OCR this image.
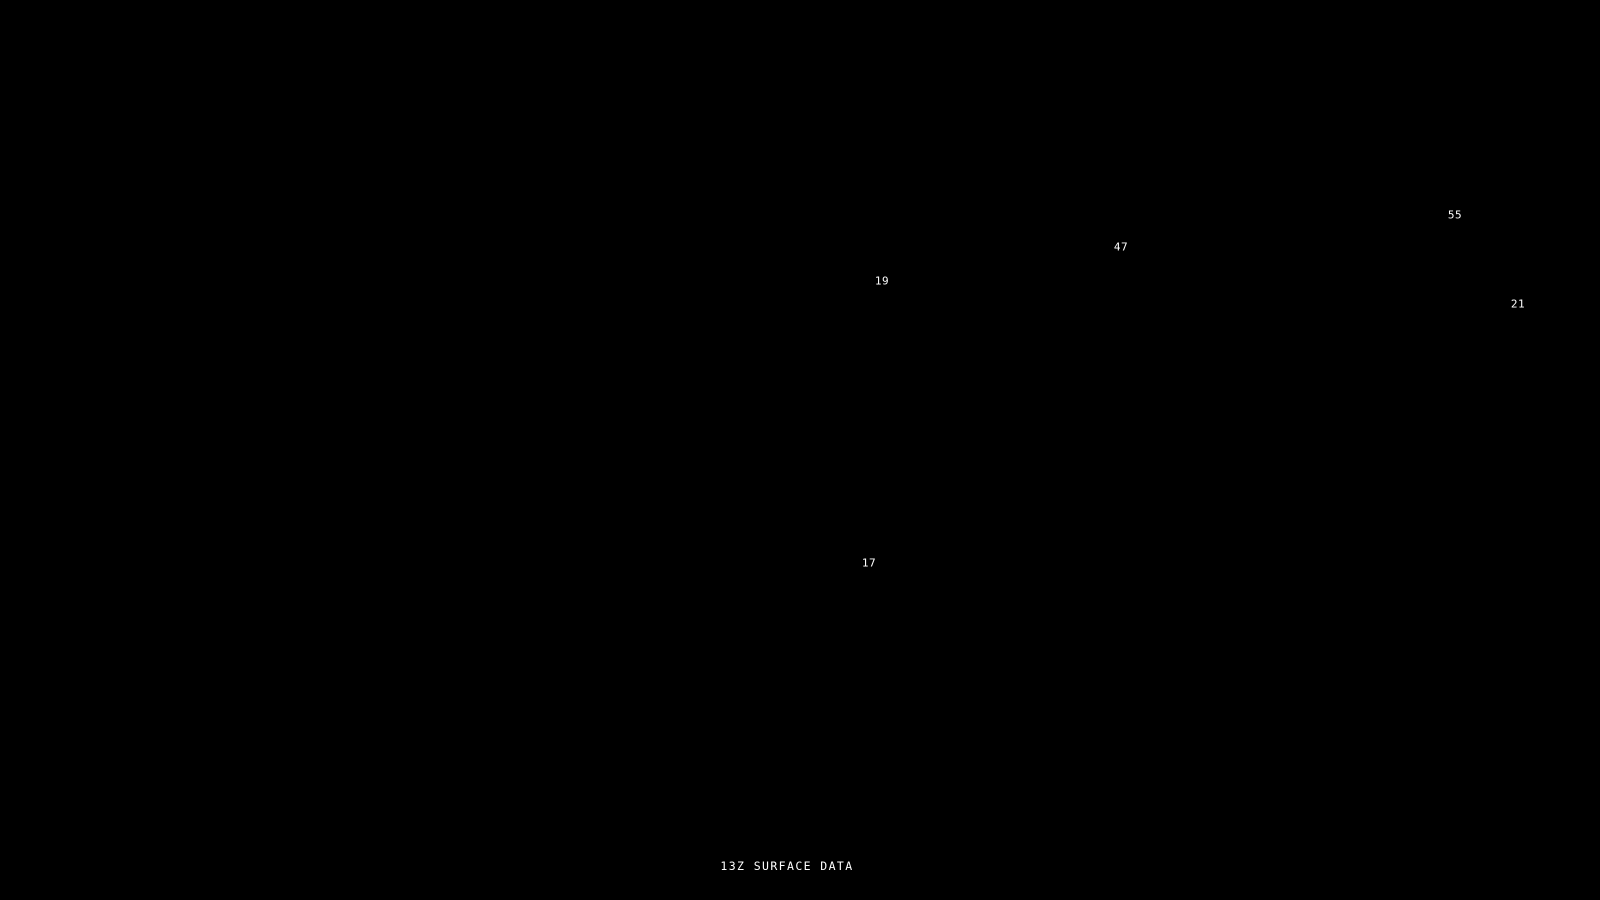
55
47
19
21
17
13Z SURFACE DATA
